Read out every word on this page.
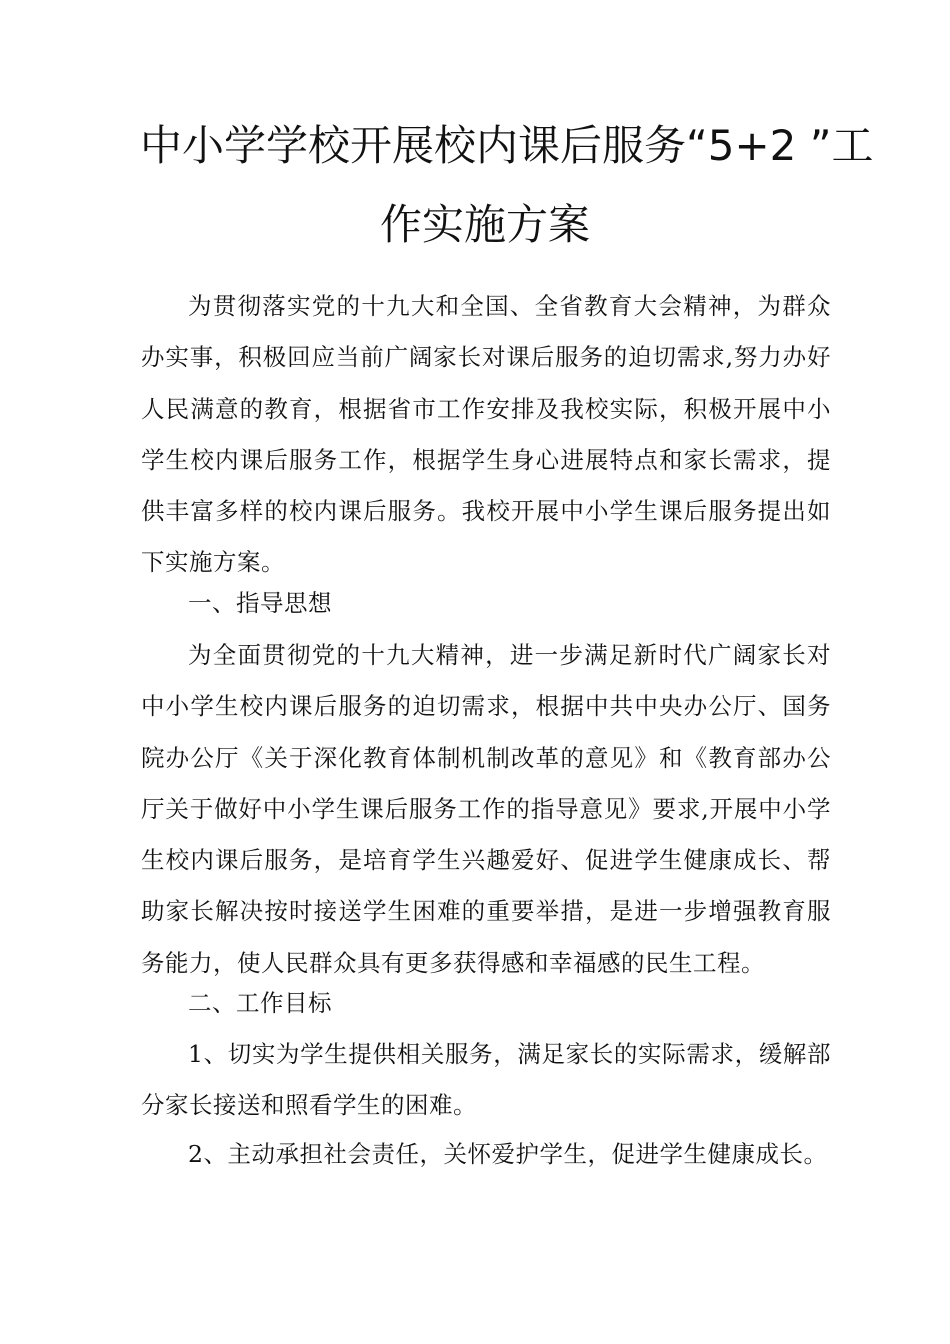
中小学学校开展校内课后服务“5+2 ”工
作实施方案

为贯彻落实党的十九大和全国、全省教育大会精神，为群众办实事，积极回应当前广阔家长对课后服务的迫切需求,努力办好人民满意的教育，根据省市工作安排及我校实际，积极开展中小学生校内课后服务工作，根据学生身心进展特点和家长需求，提供丰富多样的校内课后服务。我校开展中小学生课后服务提出如下实施方案。

一、指导思想

为全面贯彻党的十九大精神，进一步满足新时代广阔家长对中小学生校内课后服务的迫切需求，根据中共中央办公厅、国务院办公厅《关于深化教育体制机制改革的意见》和《教育部办公厅关于做好中小学生课后服务工作的指导意见》要求,开展中小学生校内课后服务，是培育学生兴趣爱好、促进学生健康成长、帮助家长解决按时接送学生困难的重要举措，是进一步增强教育服务能力，使人民群众具有更多获得感和幸福感的民生工程。

二、工作目标

1、切实为学生提供相关服务，满足家长的实际需求，缓解部分家长接送和照看学生的困难。

2、主动承担社会责任，关怀爱护学生，促进学生健康成长。
